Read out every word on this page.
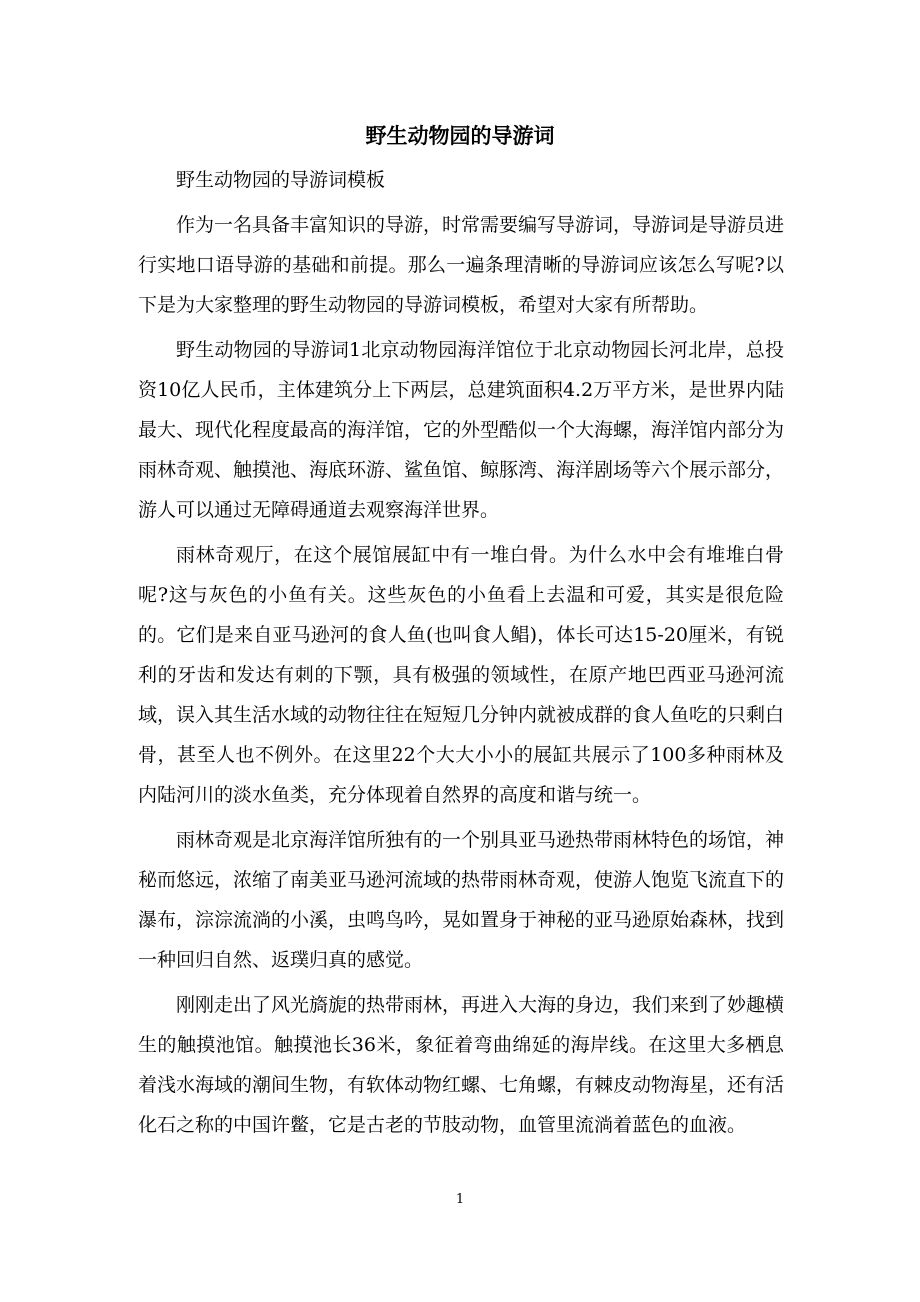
野生动物园的导游词

野生动物园的导游词模板

作为一名具备丰富知识的导游，时常需要编写导游词，导游词是导游员进行实地口语导游的基础和前提。那么一遍条理清晰的导游词应该怎么写呢?以下是为大家整理的野生动物园的导游词模板，希望对大家有所帮助。

野生动物园的导游词1北京动物园海洋馆位于北京动物园长河北岸，总投资10亿人民币，主体建筑分上下两层，总建筑面积4.2万平方米，是世界内陆最大、现代化程度最高的海洋馆，它的外型酷似一个大海螺，海洋馆内部分为雨林奇观、触摸池、海底环游、鲨鱼馆、鲸豚湾、海洋剧场等六个展示部分，游人可以通过无障碍通道去观察海洋世界。

雨林奇观厅，在这个展馆展缸中有一堆白骨。为什么水中会有堆堆白骨呢?这与灰色的小鱼有关。这些灰色的小鱼看上去温和可爱，其实是很危险的。它们是来自亚马逊河的食人鱼(也叫食人鲳)，体长可达15-20厘米，有锐利的牙齿和发达有刺的下颚，具有极强的领域性，在原产地巴西亚马逊河流域，误入其生活水域的动物往往在短短几分钟内就被成群的食人鱼吃的只剩白骨，甚至人也不例外。在这里22个大大小小的展缸共展示了100多种雨林及内陆河川的淡水鱼类，充分体现着自然界的高度和谐与统一。

雨林奇观是北京海洋馆所独有的一个别具亚马逊热带雨林特色的场馆，神秘而悠远，浓缩了南美亚马逊河流域的热带雨林奇观，使游人饱览飞流直下的瀑布，淙淙流淌的小溪，虫鸣鸟吟，晃如置身于神秘的亚马逊原始森林，找到一种回归自然、返璞归真的感觉。

刚刚走出了风光旖旎的热带雨林，再进入大海的身边，我们来到了妙趣横生的触摸池馆。触摸池长36米，象征着弯曲绵延的海岸线。在这里大多栖息着浅水海域的潮间生物，有软体动物红螺、七角螺，有棘皮动物海星，还有活化石之称的中国许鳖，它是古老的节肢动物，血管里流淌着蓝色的血液。

1
